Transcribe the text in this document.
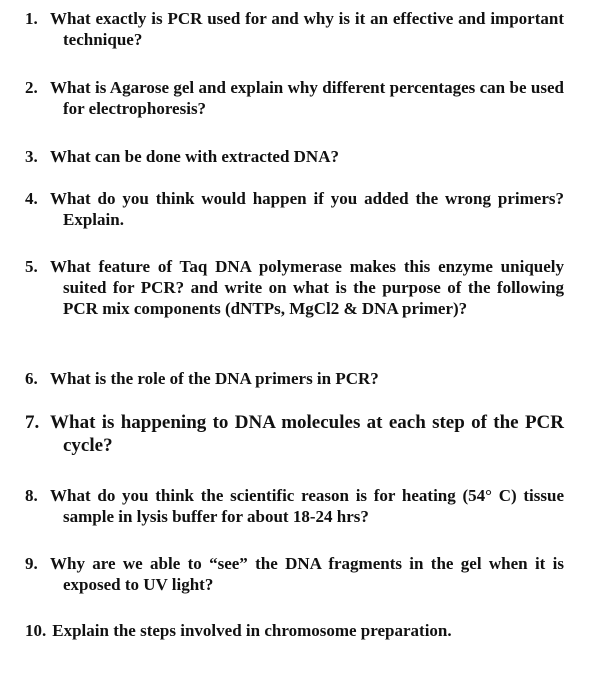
1. What exactly is PCR used for and why is it an effective and important technique?
2. What is Agarose gel and explain why different percentages can be used for electrophoresis?
3. What can be done with extracted DNA?
4. What do you think would happen if you added the wrong primers? Explain.
5. What feature of Taq DNA polymerase makes this enzyme uniquely suited for PCR? and write on what is the purpose of the following PCR mix components (dNTPs, MgCl2 & DNA primer)?
6. What is the role of the DNA primers in PCR?
7. What is happening to DNA molecules at each step of the PCR cycle?
8. What do you think the scientific reason is for heating (54° C) tissue sample in lysis buffer for about 18-24 hrs?
9. Why are we able to “see” the DNA fragments in the gel when it is exposed to UV light?
10. Explain the steps involved in chromosome preparation.
